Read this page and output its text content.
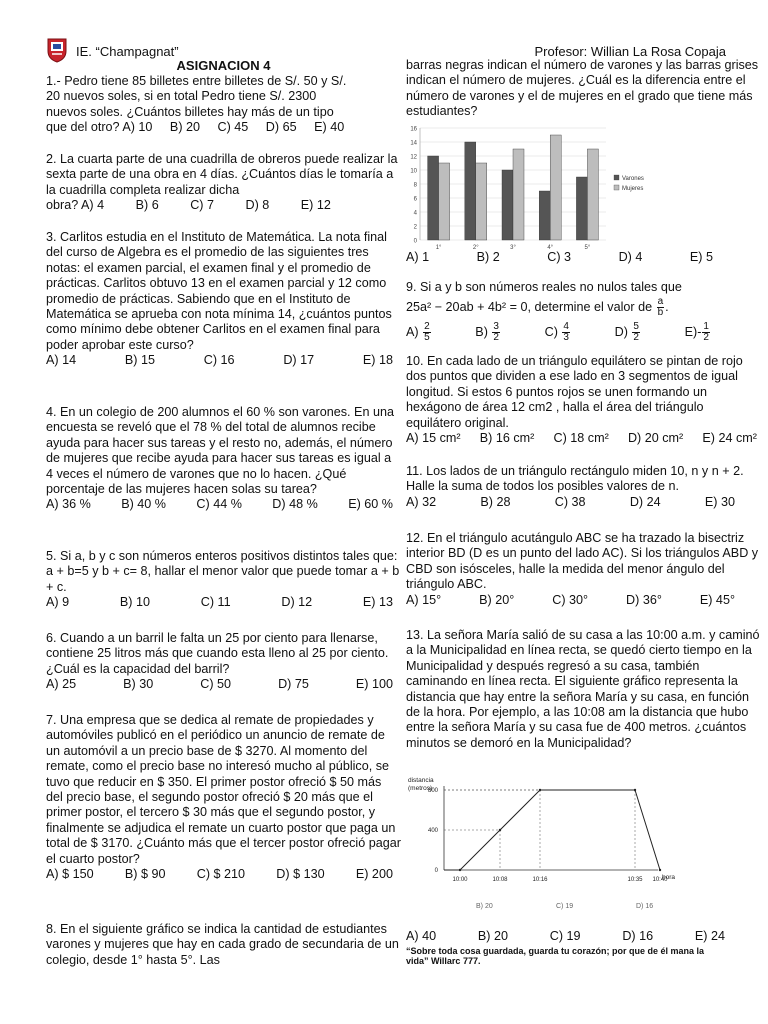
IE. “Champagnat”	Profesor: Willian La Rosa Copaja
ASIGNACION 4

1.- Pedro tiene 85 billetes entre billetes de S/. 50 y S/.

20 nuevos soles, si en total Pedro tiene S/. 2300

nuevos soles. ¿Cuántos billetes hay más de un tipo

que del otro? A) 10     B) 20     C) 45     D) 65     E) 40

2. La cuarta parte de una cuadrilla de obreros puede realizar la sexta parte de una obra en 4 días. ¿Cuántos días le tomaría a la cuadrilla completa realizar dicha

obra? A) 4         B) 6         C) 7         D) 8         E) 12

3. Carlitos estudia en el Instituto de Matemática. La nota final del curso de Algebra es el promedio de las siguientes tres notas: el examen parcial, el examen final y el promedio de prácticas. Carlitos obtuvo 13 en el examen parcial y 12 como promedio de prácticas. Sabiendo que en el Instituto de Matemática se aprueba con nota mínima 14, ¿cuántos puntos como mínimo debe obtener Carlitos en el examen final para poder aprobar este curso?

A) 14	B) 15	C) 16	D) 17	E) 18

4. En un colegio de 200 alumnos el 60 % son varones. En una encuesta se reveló que el 78 % del total de alumnos recibe ayuda para hacer sus tareas y el resto no, además, el número de mujeres que recibe ayuda para hacer sus tareas es igual a 4 veces el número de varones que no lo hacen. ¿Qué porcentaje de las mujeres hacen solas su tarea?

A) 36 % B) 40 % C) 44 % D) 48 % E) 60 %

5. Si a, b y c son números enteros positivos distintos tales que: a + b=5 y b + c= 8, hallar el menor valor que puede tomar a + b + c.

A) 9	B) 10	C) 11	D) 12	E) 13

6. Cuando a un barril le falta un 25 por ciento para llenarse, contiene 25 litros más que cuando esta lleno al 25 por ciento. ¿Cuál es la capacidad del barril?

A) 25	B) 30	C) 50	D) 75	E) 100

7. Una empresa que se dedica al remate de propiedades y automóviles publicó en el periódico un anuncio de remate de un automóvil a un precio base de $ 3270. Al momento del remate, como el precio base no interesó mucho al público, se tuvo que reducir en $ 350. El primer postor ofreció $ 50 más del precio base, el segundo postor ofreció $ 20 más que el primer postor, el tercero $ 30 más que el segundo postor, y finalmente se adjudica el remate un cuarto postor que paga un total de $ 3170. ¿Cuánto más que el tercer postor ofreció pagar el cuarto postor?

A) $ 150 B) $ 90 C) $ 210 D) $ 130 E) 200

8. En el siguiente gráfico se indica la cantidad de estudiantes varones y mujeres que hay en cada grado de secundaria de un colegio, desde 1° hasta 5°. Las

barras negras indican el número de varones y las barras grises indican el número de mujeres. ¿Cuál es la diferencia entre el número de varones y el de mujeres en el grado que tiene más estudiantes?

0
2
4
6
8
10
12
14
16
1°	2°	3°	4°	5°
Varones
Mujeres
A) 1	B) 2	C) 3	D) 4	E) 5

9. Si a y b son números reales no nulos tales que

25a² − 20ab + 4b² = 0, determine el valor de $\frac{a}{b}$ .

$A) \frac{2}{5}$	$B) \frac{3}{2}$	$C) \frac{4}{3}$	$D) \frac{5}{2}$	$E)- \frac{1}{2}$

10. En cada lado de un triángulo equilátero se pintan de rojo dos puntos que dividen a ese lado en 3 segmentos de igual longitud. Si estos 6 puntos rojos se unen formando un hexágono de área 12 cm2 , halla el área del triángulo equilátero original.

A) 15 cm² B) 16 cm² C) 18 cm² D) 20 cm² E) 24 cm²

11. Los lados de un triángulo rectángulo miden 10, n y n + 2. Halle la suma de todos los posibles valores de n.

A) 32	B) 28	C) 38	D) 24	E) 30

12. En el triángulo acutángulo ABC se ha trazado la bisectriz interior BD (D es un punto del lado AC). Si los triángulos ABD y CBD son isósceles, halle la medida del menor ángulo del triángulo ABC.

A) 15°	B) 20°	C) 30°	D) 36°	E) 45°

13. La señora María salió de su casa a las 10:00 a.m. y caminó a la Municipalidad en línea recta, se quedó cierto tiempo en la Municipalidad y después regresó a su casa, también caminando en línea recta. El siguiente gráfico representa la distancia que hay entre la señora María y su casa, en función de la hora. Por ejemplo, a las 10:08 am la distancia que hubo entre la señora María y su casa fue de 400 metros. ¿cuántos minutos se demoró en la Municipalidad?

distancia
(metros)
hora
0
400
800
10:00	10:08	10:16	10:35 10:40
B) 20	C) 19	D) 16
A) 40	B) 20	C) 19	D) 16	E) 24
“Sobre toda cosa guardada, guarda tu corazón; por que de él mana la vida” Willarc 777.
